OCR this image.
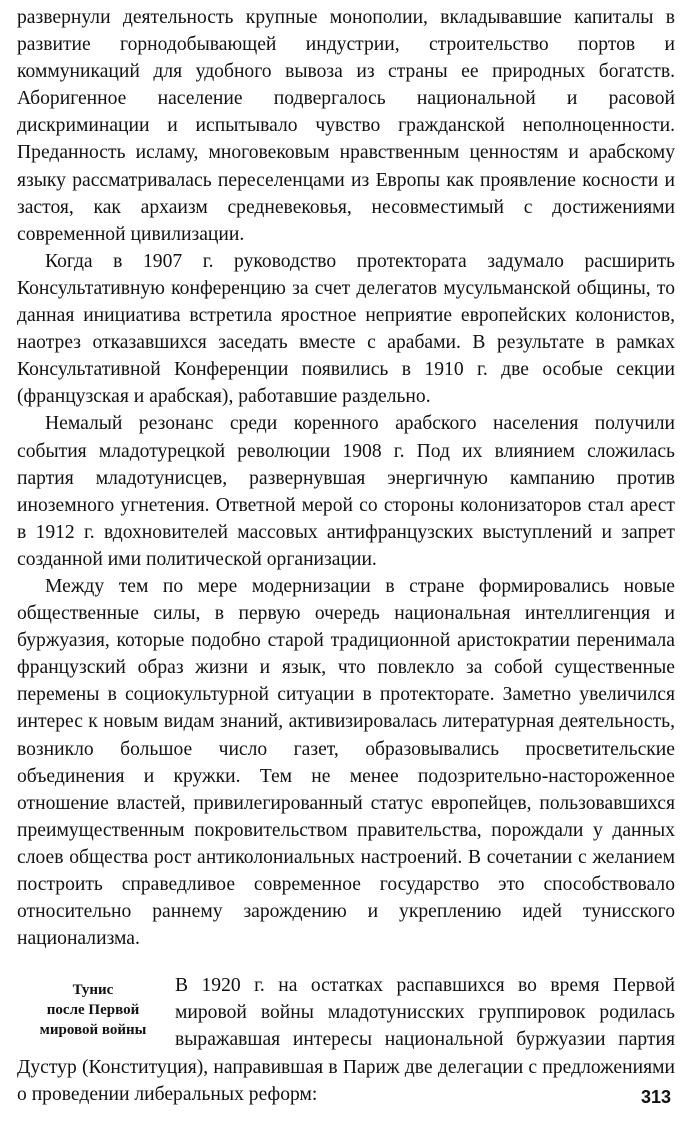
развернули деятельность крупные монополии, вкладывавшие капиталы в развитие горнодобывающей индустрии, строительство портов и коммуникаций для удобного вывоза из страны ее природных богатств. Аборигенное население подвергалось национальной и расовой дискриминации и испытывало чувство гражданской неполноценности. Преданность исламу, многовековым нравственным ценностям и арабскому языку рассматривалась переселенцами из Европы как проявление косности и застоя, как архаизм средневековья, несовместимый с достижениями современной цивилизации.

Когда в 1907 г. руководство протектората задумало расширить Консультативную конференцию за счет делегатов мусульманской общины, то данная инициатива встретила яростное неприятие европейских колонистов, наотрез отказавшихся заседать вместе с арабами. В результате в рамках Консультативной Конференции появились в 1910 г. две особые секции (французская и арабская), работавшие раздельно.

Немалый резонанс среди коренного арабского населения получили события младотурецкой революции 1908 г. Под их влиянием сложилась партия младотунисцев, развернувшая энергичную кампанию против иноземного угнетения. Ответной мерой со стороны колонизаторов стал арест в 1912 г. вдохновителей массовых антифранцузских выступлений и запрет созданной ими политической организации.

Между тем по мере модернизации в стране формировались новые общественные силы, в первую очередь национальная интеллигенция и буржуазия, которые подобно старой традиционной аристократии перенимала французский образ жизни и язык, что повлекло за собой существенные перемены в социокультурной ситуации в протекторате. Заметно увеличился интерес к новым видам знаний, активизировалась литературная деятельность, возникло большое число газет, образовывались просветительские объединения и кружки. Тем не менее подозрительно-настороженное отношение властей, привилегированный статус европейцев, пользовавшихся преимущественным покровительством правительства, порождали у данных слоев общества рост антиколониальных настроений. В сочетании с желанием построить справедливое современное государство это способствовало относительно раннему зарождению и укреплению идей тунисского национализма.

Тунис
после Первой
мировой войны

В 1920 г. на остатках распавшихся во время Первой мировой войны младотунисских группировок родилась выражавшая интересы национальной буржуазии партия Дустур (Конституция), направившая в Париж две делегации с предложениями о проведении либеральных реформ:	313
